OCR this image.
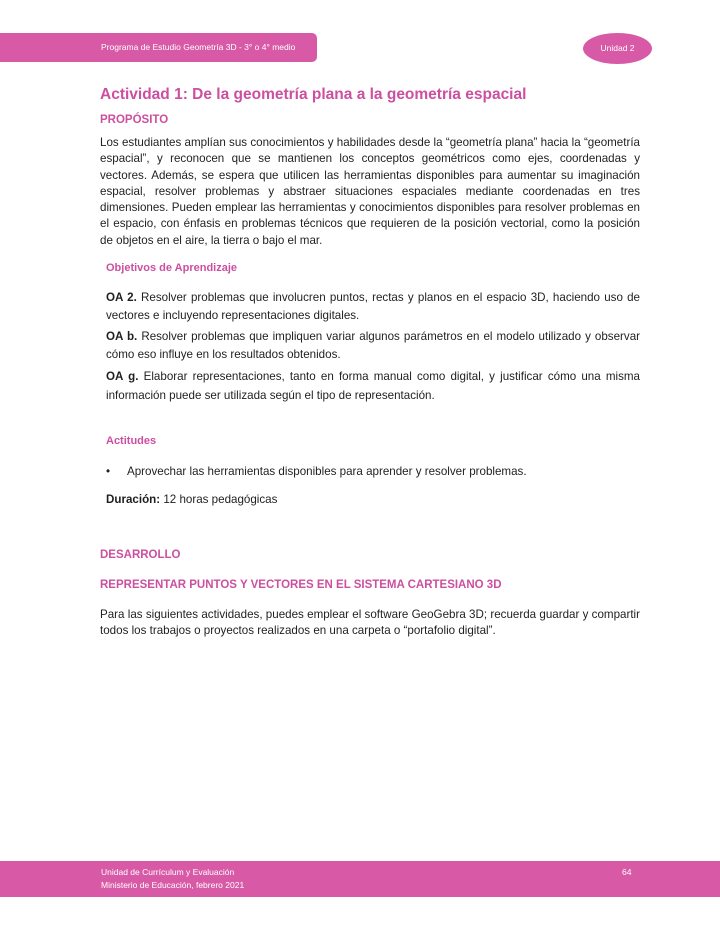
Programa de Estudio Geometría 3D - 3° o 4° medio	Unidad 2
Actividad 1: De la geometría plana a la geometría espacial
PROPÓSITO

Los estudiantes amplían sus conocimientos y habilidades desde la “geometría plana” hacia la “geometría espacial”, y reconocen que se mantienen los conceptos geométricos como ejes, coordenadas y vectores. Además, se espera que utilicen las herramientas disponibles para aumentar su imaginación espacial, resolver problemas y abstraer situaciones espaciales mediante coordenadas en tres dimensiones. Pueden emplear las herramientas y conocimientos disponibles para resolver problemas en el espacio, con énfasis en problemas técnicos que requieren de la posición vectorial, como la posición de objetos en el aire, la tierra o bajo el mar.

Objetivos de Aprendizaje

OA 2. Resolver problemas que involucren puntos, rectas y planos en el espacio 3D, haciendo uso de vectores e incluyendo representaciones digitales.

OA b. Resolver problemas que impliquen variar algunos parámetros en el modelo utilizado y observar cómo eso influye en los resultados obtenidos.

OA g. Elaborar representaciones, tanto en forma manual como digital, y justificar cómo una misma información puede ser utilizada según el tipo de representación.

Actitudes
•	Aprovechar las herramientas disponibles para aprender y resolver problemas.

Duración: 12 horas pedagógicas

DESARROLLO
REPRESENTAR PUNTOS Y VECTORES EN EL SISTEMA CARTESIANO 3D

Para las siguientes actividades, puedes emplear el software GeoGebra 3D; recuerda guardar y compartir todos los trabajos o proyectos realizados en una carpeta o “portafolio digital”.

Unidad de Currículum y Evaluación
Ministerio de Educación, febrero 2021
64
